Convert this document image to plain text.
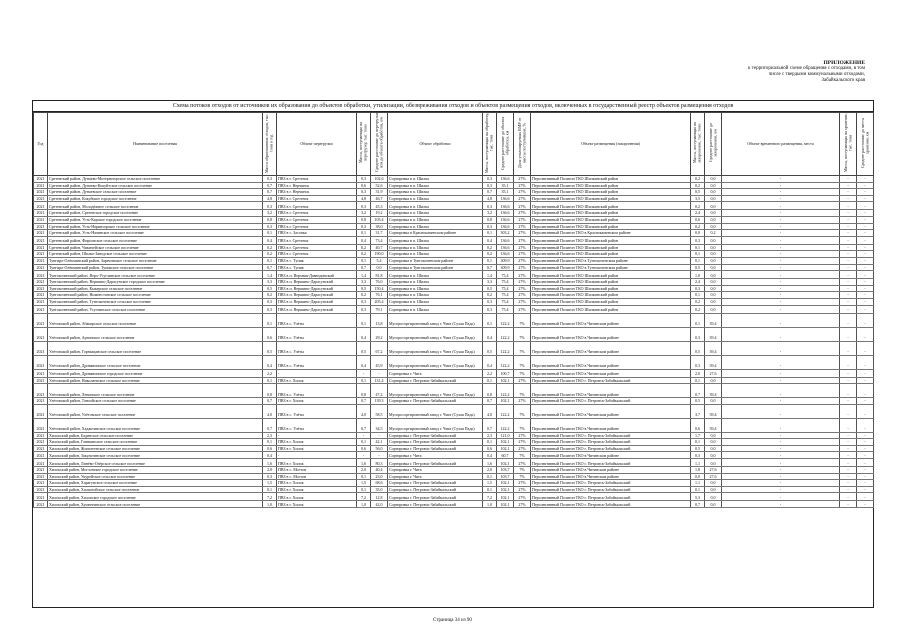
ПРИЛОЖЕНИЕ
к территориальной схеме обращения с отходами, в том
числе с твердыми коммунальными отходами,
Забайкальского края
Схема потоков отходов от источников их образования до объектов обработки, утилизации, обезвреживания отходов и объектов размещения отходов, включенных в государственный реестр объектов размещения отходов
Год	Наименование поселения	Масса образованных отходов, тыс. тонн в год	Объект перегрузки	Масса, поступающая на перегрузку, тыс. тонн	Среднее расстояние до перегрузки или до объекта обработки, км	Объект обработки	Масса, поступающая на обработку, тыс. тонн	Среднее расстояние до объекта обработки, км	Доля утилизируемых ВМР от массы поступивших, %	Объект размещения (захоронения)	Масса, поступающая на захоронение, тыс. тонн	Среднее расстояние до захоронения, км	Объект временного размещения, места	Масса, поступающая на хранение, тыс. тонн	Среднее расстояние до места хранения, км
2021	Сретенский район, Дунаево-Мотерногорское сельское поселение	0,3	ПВЗ в г. Сретенск	0,3	102,6	Сортировка в п. Шилка	0,3	136,6	27%	Перспективный Полигон ТКО Шилкинский район	0,2	0,0	-	-	-
2021	Сретенский район, Дунаево-Кокуйтское сельское поселение	0,7	ПВЗ в г. Нерчинск	0,6	52,6	Сортировка в п. Шилка	0,3	35,1	27%	Перспективный Полигон ТКО Шилкинский район	0,2	0,0	-	-	-
2021	Сретенский район, Дунаевское сельское поселение	0,7	ПВЗ в г. Нерчинск	0,3	31,9	Сортировка в п. Шилка	0,7	35,1	27%	Перспективный Полигон ТКО Шилкинский район	0,5	0,0	-	-	-
2021	Сретенский район, Кокуйское городское поселение	4,8	ПВЗ в г. Сретенск	4,8	46,7	Сортировка в п. Шилка	4,8	136,6	27%	Перспективный Полигон ТКО Шилкинский район	3,5	0,0	-	-	-
2021	Сретенский район, Молодёжное сельское поселение	0,3	ПВЗ в г. Сретенск	0,3	45,3	Сортировка в п. Шилка	0,3	136,6	27%	Перспективный Полигон ТКО Шилкинский район	0,2	0,0	-	-	-
2021	Сретенский район, Сретенское городское поселение	3,2	ПВЗ в г. Сретенск	3,2	19,2	Сортировка в п. Шилка	3,2	136,6	27%	Перспективный Полигон ТКО Шилкинский район	2,4	0,0	-	-	-
2021	Сретенский район, Усть-Карское городское поселение	0,8	ПВЗ в г. Сретенск	0,8	105,4	Сортировка в п. Шилка	0,8	136,6	27%	Перспективный Полигон ТКО Шилкинский район	0,6	0,0	-	-	-
2021	Сретенский район, Усть-Наринзорское сельское поселение	0,3	ПВЗ в г. Сретенск	0,3	38,0	Сортировка в п. Шилка	0,3	136,6	27%	Перспективный Полигон ТКО Шилкинский район	0,2	0,0	-	-	-
2021	Сретенский район, Усть-Начинское сельское поселение	0,1	ПВЗ в с. Засопка	0,1	31,7	Сортировка в Краснокаменском районе	0,1	303,2	27%	Перспективный Полигон ТКО в Краснокаменском районе	0,0	0,2	-	-	-
2021	Сретенский район, Фирсовское сельское поселение	0,4	ПВЗ в г. Сретенск	0,4	73,4	Сортировка в п. Шилка	0,4	136,6	27%	Перспективный Полигон ТКО Шилкинский район	0,3	0,0	-	-	-
2021	Сретенский район, Чикичейское сельское поселение	0,2	ПВЗ в г. Сретенск	0,2	40,7	Сортировка в п. Шилка	0,2	136,6	27%	Перспективный Полигон ТКО Шилкинский район	0,1	0,0	-	-	-
2021	Сретенский район, Шилко-Заводское сельское поселение	0,2	ПВЗ в г. Сретенск	0,2	190,0	Сортировка в п. Шилка	0,2	136,6	27%	Перспективный Полигон ТКО Шилкинский район	0,1	0,0	-	-	-
2021	Тунгиро-Олёкминский район, Заречинское сельское поселение	0,1	ПВЗ в с. Тупик	0,1	5,4	Сортировка в Тунгокоченском районе	0,1	309,9	27%	Перспективный Полигон ТКО в Тунгокоченском районе	0,1	0,0	-	-	-
2021	Тунгиро-Олёкминский район, Тупикское сельское поселение	0,7	ПВЗ в с. Тупик	0,7	0,0	Сортировка в Тунгокоченском районе	0,7	309,9	27%	Перспективный Полигон ТКО в Тунгокоченском районе	0,5	0,0	-	-	-
2021	Тунгокоченский район, Верх-Усуглинское сельское поселение	1,4	ПВЗ в п. Верхняя-Давендинский	1,4	81,8	Сортировка в п. Шилка	1,4	75,4	27%	Перспективный Полигон ТКО Шилкинский район	1,0	0,0	-	-	-
2021	Тунгокоченский район, Вершино-Дарасунское городское поселение	3,3	ПВЗ в п. Вершино-Дарасунский	3,3	76,0	Сортировка в п. Шилка	3,3	75,4	27%	Перспективный Полигон ТКО Шилкинский район	2,4	0,0	-	-	-
2021	Тунгокоченский район, Кыкерское сельское поселение	0,5	ПВЗ в п. Вершино-Дарасунский	0,5	150,4	Сортировка в п. Шилка	0,5	75,4	27%	Перспективный Полигон ТКО Шилкинский район	0,3	0,0	-	-	-
2021	Тунгокоченский район, Нижнестанское сельское поселение	0,2	ПВЗ в п. Вершино-Дарасунский	0,2	76,1	Сортировка в п. Шилка	0,2	75,4	27%	Перспективный Полигон ТКО Шилкинский район	0,1	0,0	-	-	-
2021	Тунгокоченский район, Тунгокоченское сельское поселение	0,3	ПВЗ в п. Вершино-Дарасунский	0,3	205,4	Сортировка в п. Шилка	0,3	75,4	27%	Перспективный Полигон ТКО Шилкинский район	0,2	0,0	-	-	-
2021	Тунгокоченский район, Усуглинское сельское поселение	0,3	ПВЗ в п. Вершино-Дарасунский	0,3	79,1	Сортировка в п. Шилка	0,3	75,4	27%	Перспективный Полигон ТКО Шилкинский район	0,2	0,0	-	-	-
2021	Улётовский район, Абакирское сельское поселение	0,1	ПВЗ в с. Улёты	0,1	13,8	Мусоросортировочный завод г. Чита (Сухая Падь)	0,1	122,2	7%	Перспективный Полигон ТКО в Читинском районе	0,1	39,4	-	-	-
2021	Улётовский район, Артинское сельское поселение	0,6	ПВЗ в с. Улёты	0,4	29,2	Мусоросортировочный завод г. Чита (Сухая Падь)	0,4	122,2	7%	Перспективный Полигон ТКО в Читинском районе	0,3	39,4	-	-	-
2021	Улётовский район, Горекацанское сельское поселение	0,5	ПВЗ в с. Улёты	0,5	67,2	Мусоросортировочный завод г. Чита (Сухая Падь)	0,5	122,2	7%	Перспективный Полигон ТКО в Читинском районе	0,5	39,4	-	-	-
2021	Улётовский район, Дровянинское сельское поселение	0,4	ПВЗ в с. Улёты	0,4	45,9	Мусоросортировочный завод г. Чита (Сухая Падь)	0,4	122,2	7%	Перспективный Полигон ТКО в Читинском районе	0,3	39,4	-	-	-
2021	Улётовский район, Дровянинское городское поселение	2,2	-	-	-	Сортировка г. Чита	2,2	100,7	7%	Перспективный Полигон ТКО в Читинском районе	2,0	27,6	-	-	-
2021	Улётовский район, Николаевское сельское поселение	0,1	ПВЗ в г. Хилок	0,1	131,4	Сортировка г. Петровск-Забайкальский	0,1	102,1	27%	Перспективный Полигон ТКО г. Петровск-Забайкальский	0,1	0,0	-	-	-
2021	Улётовский район, Ленинское сельское поселение	0,8	ПВЗ в с. Улёты	0,8	47,2	Мусоросортировочный завод г. Чита (Сухая Падь)	0,8	122,2	7%	Перспективный Полигон ТКО в Читинском районе	0,7	39,4	-	-	-
2021	Улётовский район, Танхойское сельское поселение	0,7	ПВЗ в г. Хилок	0,7	139,3	Сортировка г. Петровск-Забайкальский	0,7	102,1	27%	Перспективный Полигон ТКО г. Петровск-Забайкальский	0,5	0,0	-	-	-
2021	Улётовский район, Улётовское сельское поселение	4,0	ПВЗ в с. Улёты	4,0	58,5	Мусоросортировочный завод г. Чита (Сухая Падь)	4,0	122,2	7%	Перспективный Полигон ТКО в Читинском районе	3,7	39,4	-	-	-
2021	Улётовский район, Хадактинское сельское поселение	0,7	ПВЗ в с. Улёты	0,7	34,5	Мусоросортировочный завод г. Чита (Сухая Падь)	0,7	122,2	7%	Перспективный Полигон ТКО в Читинском районе	0,6	39,4	-	-	-
2021	Хилокский район, Бадинское сельское поселение	2,3	-	-	-	Сортировка г. Петровск-Забайкальский	2,3	121,0	27%	Перспективный Полигон ТКО г. Петровск-Забайкальский	1,7	0,0	-	-	-
2021	Хилокский район, Глинкинское сельское поселение	0,1	ПВЗ в г. Хилок	0,1	42,1	Сортировка г. Петровск-Забайкальский	0,1	102,1	27%	Перспективный Полигон ТКО г. Петровск-Забайкальский	0,1	0,0	-	-	-
2021	Хилокский район, Жипхегенское сельское поселение	0,6	ПВЗ в г. Хилок	0,6	56,0	Сортировка г. Петровск-Забайкальский	0,6	102,1	27%	Перспективный Полигон ТКО г. Петровск-Забайкальский	0,5	0,0	-	-	-
2021	Хилокский район, Закультинское сельское поселение	0,4	-	-	-	Сортировка г. Чита	0,4	60,7	7%	Перспективный Полигон ТКО в Читинском районе	0,3	0,0	-	-	-
2021	Хилокский район, Линёво-Озёрское сельское поселение	1,6	ПВЗ в г. Хилок	1,6	80,3	Сортировка г. Петровск-Забайкальский	1,6	102,1	27%	Перспективный Полигон ТКО г. Петровск-Забайкальский	1,1	0,0	-	-	-
2021	Хилокский район, Могзонское городское поселение	2,0	ПВЗ в с. Могзон	2,0	40,4	Сортировка г. Чита	2,0	103,7	7%	Перспективный Полигон ТКО в Читинском районе	1,8	27,6	-	-	-
2021	Хилокский район, Укурейское сельское поселение	0,3	ПВЗ в с. Могзон	0,1	23,0	Сортировка г. Чита	0,1	103,7	7%	Перспективный Полигон ТКО в Читинском районе	0,0	27,6	-	-	-
2021	Хилокский район, Харагунское сельское поселение	1,5	ПВЗ в г. Хилок	1,5	68,6	Сортировка г. Петровск-Забайкальский	1,5	102,1	27%	Перспективный Полигон ТКО г. Петровск-Забайкальский	1,1	0,0	-	-	-
2021	Хилокский район, Хилкотойское сельское поселение	0,1	ПВЗ в г. Хилок	0,1	35,0	Сортировка г. Петровск-Забайкальский	0,1	102,1	27%	Перспективный Полигон ТКО г. Петровск-Забайкальский	0,1	0,0	-	-	-
2021	Хилокский район, Хилокское городское поселение	7,2	ПВЗ в г. Хилок	7,2	12,8	Сортировка г. Петровск-Забайкальский	7,2	102,1	27%	Перспективный Полигон ТКО г. Петровск-Забайкальский	5,3	0,0	-	-	-
2021	Хилокский район, Хушенгинское сельское поселение	1,0	ПВЗ в г. Хилок	1,0	42,0	Сортировка г. Петровск-Забайкальский	1,0	102,1	27%	Перспективный Полигон ТКО г. Петровск-Забайкальский	0,7	0,0	-	-	-
Страница 34 из 90
